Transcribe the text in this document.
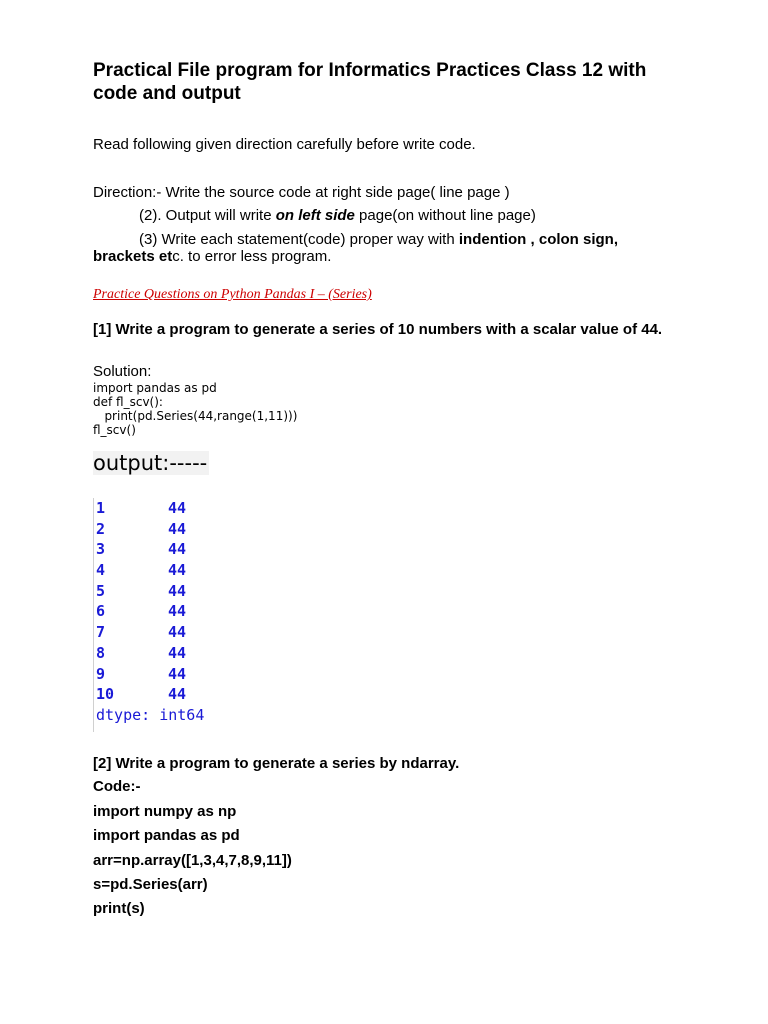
Practical File program for Informatics Practices Class 12 with code and output
Read following given direction carefully before write code.
Direction:- Write the source code at right side page( line page )
(2). Output will write on left side page(on without line page)
(3) Write each statement(code) proper way with indention , colon sign,
brackets etc. to error less program.
Practice Questions on Python Pandas I – (Series)
[1] Write a program to generate a series of 10 numbers with a scalar value of 44.
Solution:
import pandas as pd
def fl_scv():
print(pd.Series(44,range(1,11)))
fl_scv()
output:-----
1	44
2	44
3	44
4	44
5	44
6	44
7	44
8	44
9	44
10	44
dtype: int64
[2] Write a program to generate a series by ndarray.
Code:-
import numpy as np
import pandas as pd
arr=np.array([1,3,4,7,8,9,11])
s=pd.Series(arr)
print(s)
